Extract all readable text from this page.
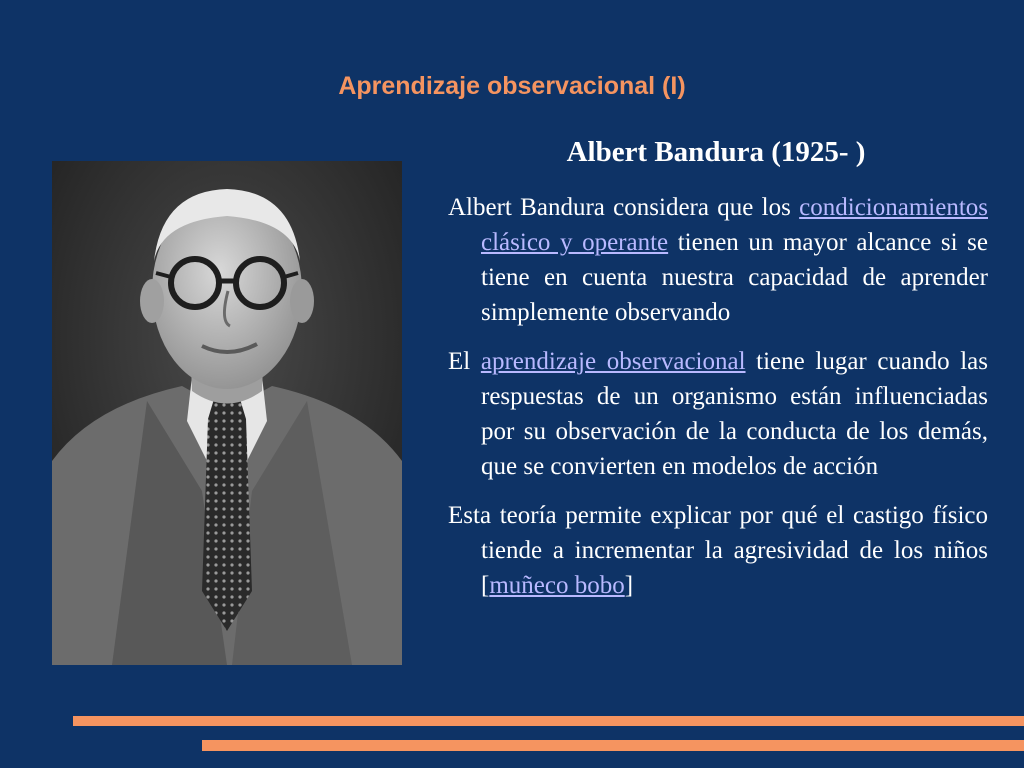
Aprendizaje observacional (I)
Albert Bandura (1925- )

Albert Bandura considera que los condicionamientos clásico y operante tienen un mayor alcance si se tiene en cuenta nuestra capacidad de aprender simplemente observando

El aprendizaje observacional tiene lugar cuando las respuestas de un organismo están influenciadas por su observación de la conducta de los demás, que se convierten en modelos de acción

Esta teoría permite explicar por qué el castigo físico tiende a incrementar la agresividad de los niños [muñeco bobo]
